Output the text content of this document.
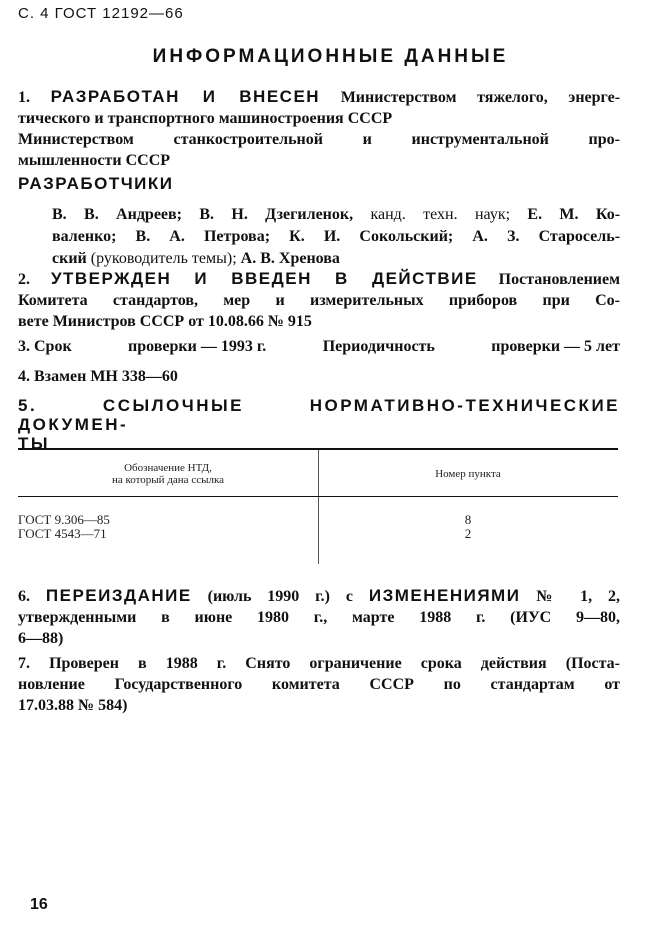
С. 4 ГОСТ 12192—66
ИНФОРМАЦИОННЫЕ ДАННЫЕ

1. РАЗРАБОТАН И ВНЕСЕН Министерством тяжелого, энерге-

тического и транспортного машиностроения СССР

Министерством станкостроительной и инструментальной про-

мышленности СССР

РАЗРАБОТЧИКИ

В. В. Андреев; В. Н. Дзегиленок, канд. техн. наук; Е. М. Ко-

валенко; В. А. Петрова; К. И. Сокольский; А. З. Старосель-

ский (руководитель темы); А. В. Хренова

2. УТВЕРЖДЕН И ВВЕДЕН В ДЕЙСТВИЕ Постановлением

Комитета стандартов, мер и измерительных приборов при Со-

вете Министров СССР от 10.08.66 № 915

3. Срок	проверки — 1993 г.	Периодичность	проверки — 5 лет
4. Взамен МН 338—60

5.	ССЫЛОЧНЫЕ НОРМАТИВНО-ТЕХНИЧЕСКИЕ ДОКУМЕН-

ТЫ

Обозначение НТД,
на который дана ссылка	Номер пункта
ГОСТ 9.306—85	8
ГОСТ 4543—71	2

6. ПЕРЕИЗДАНИЕ (июль 1990 г.) с ИЗМЕНЕНИЯМИ № 1, 2,

утвержденными в июне 1980 г., марте 1988 г. (ИУС 9—80,

6—88)

7. Проверен в 1988 г. Снято ограничение срока действия (Поста-

новление Государственного комитета СССР по стандартам от

17.03.88 № 584)

16
